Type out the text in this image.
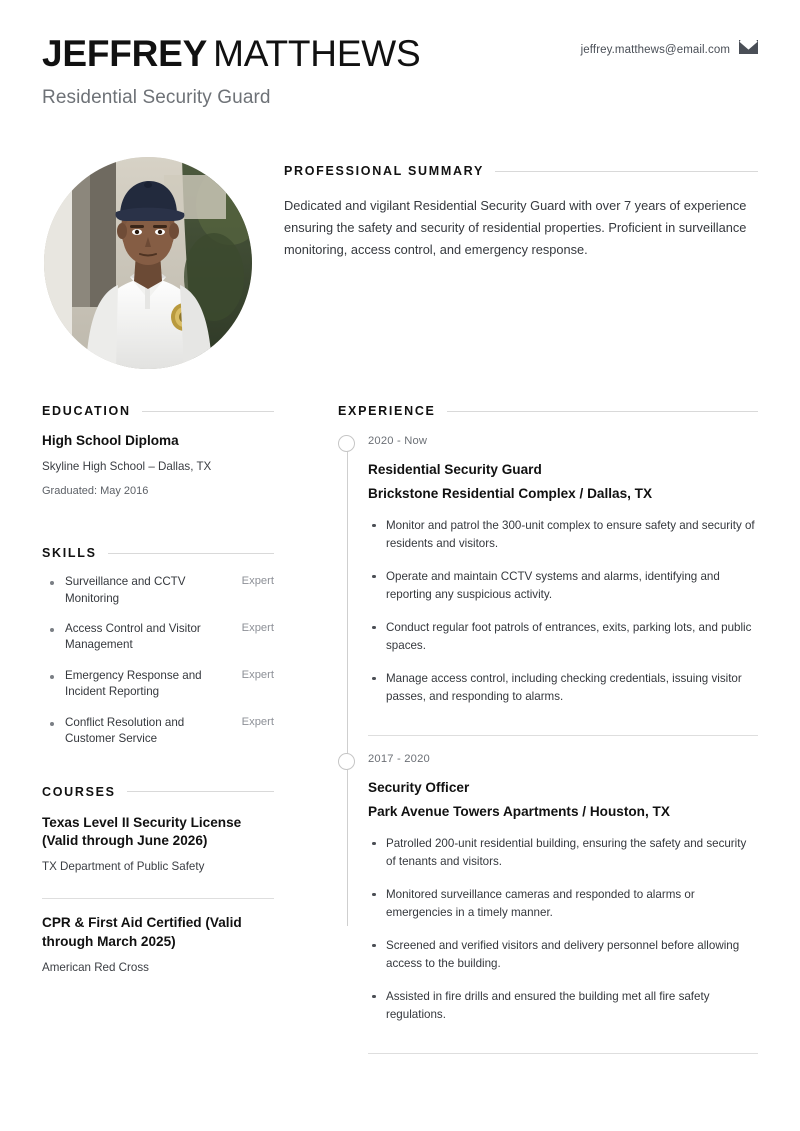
JEFFREY MATTHEWS
Residential Security Guard
jeffrey.matthews@email.com
PROFESSIONAL SUMMARY
Dedicated and vigilant Residential Security Guard with over 7 years of experience ensuring the safety and security of residential properties. Proficient in surveillance monitoring, access control, and emergency response.
EDUCATION
High School Diploma
Skyline High School – Dallas, TX
Graduated: May 2016
SKILLS
Surveillance and CCTV Monitoring
Expert
Access Control and Visitor Management
Expert
Emergency Response and Incident Reporting
Expert
Conflict Resolution and Customer Service
Expert
COURSES
Texas Level II Security License (Valid through June 2026)
TX Department of Public Safety
CPR & First Aid Certified (Valid through March 2025)
American Red Cross
EXPERIENCE
2020 - Now
Residential Security Guard
Brickstone Residential Complex / Dallas, TX
Monitor and patrol the 300-unit complex to ensure safety and security of residents and visitors.
Operate and maintain CCTV systems and alarms, identifying and reporting any suspicious activity.
Conduct regular foot patrols of entrances, exits, parking lots, and public spaces.
Manage access control, including checking credentials, issuing visitor passes, and responding to alarms.
2017 - 2020
Security Officer
Park Avenue Towers Apartments / Houston, TX
Patrolled 200-unit residential building, ensuring the safety and security of tenants and visitors.
Monitored surveillance cameras and responded to alarms or emergencies in a timely manner.
Screened and verified visitors and delivery personnel before allowing access to the building.
Assisted in fire drills and ensured the building met all fire safety regulations.
